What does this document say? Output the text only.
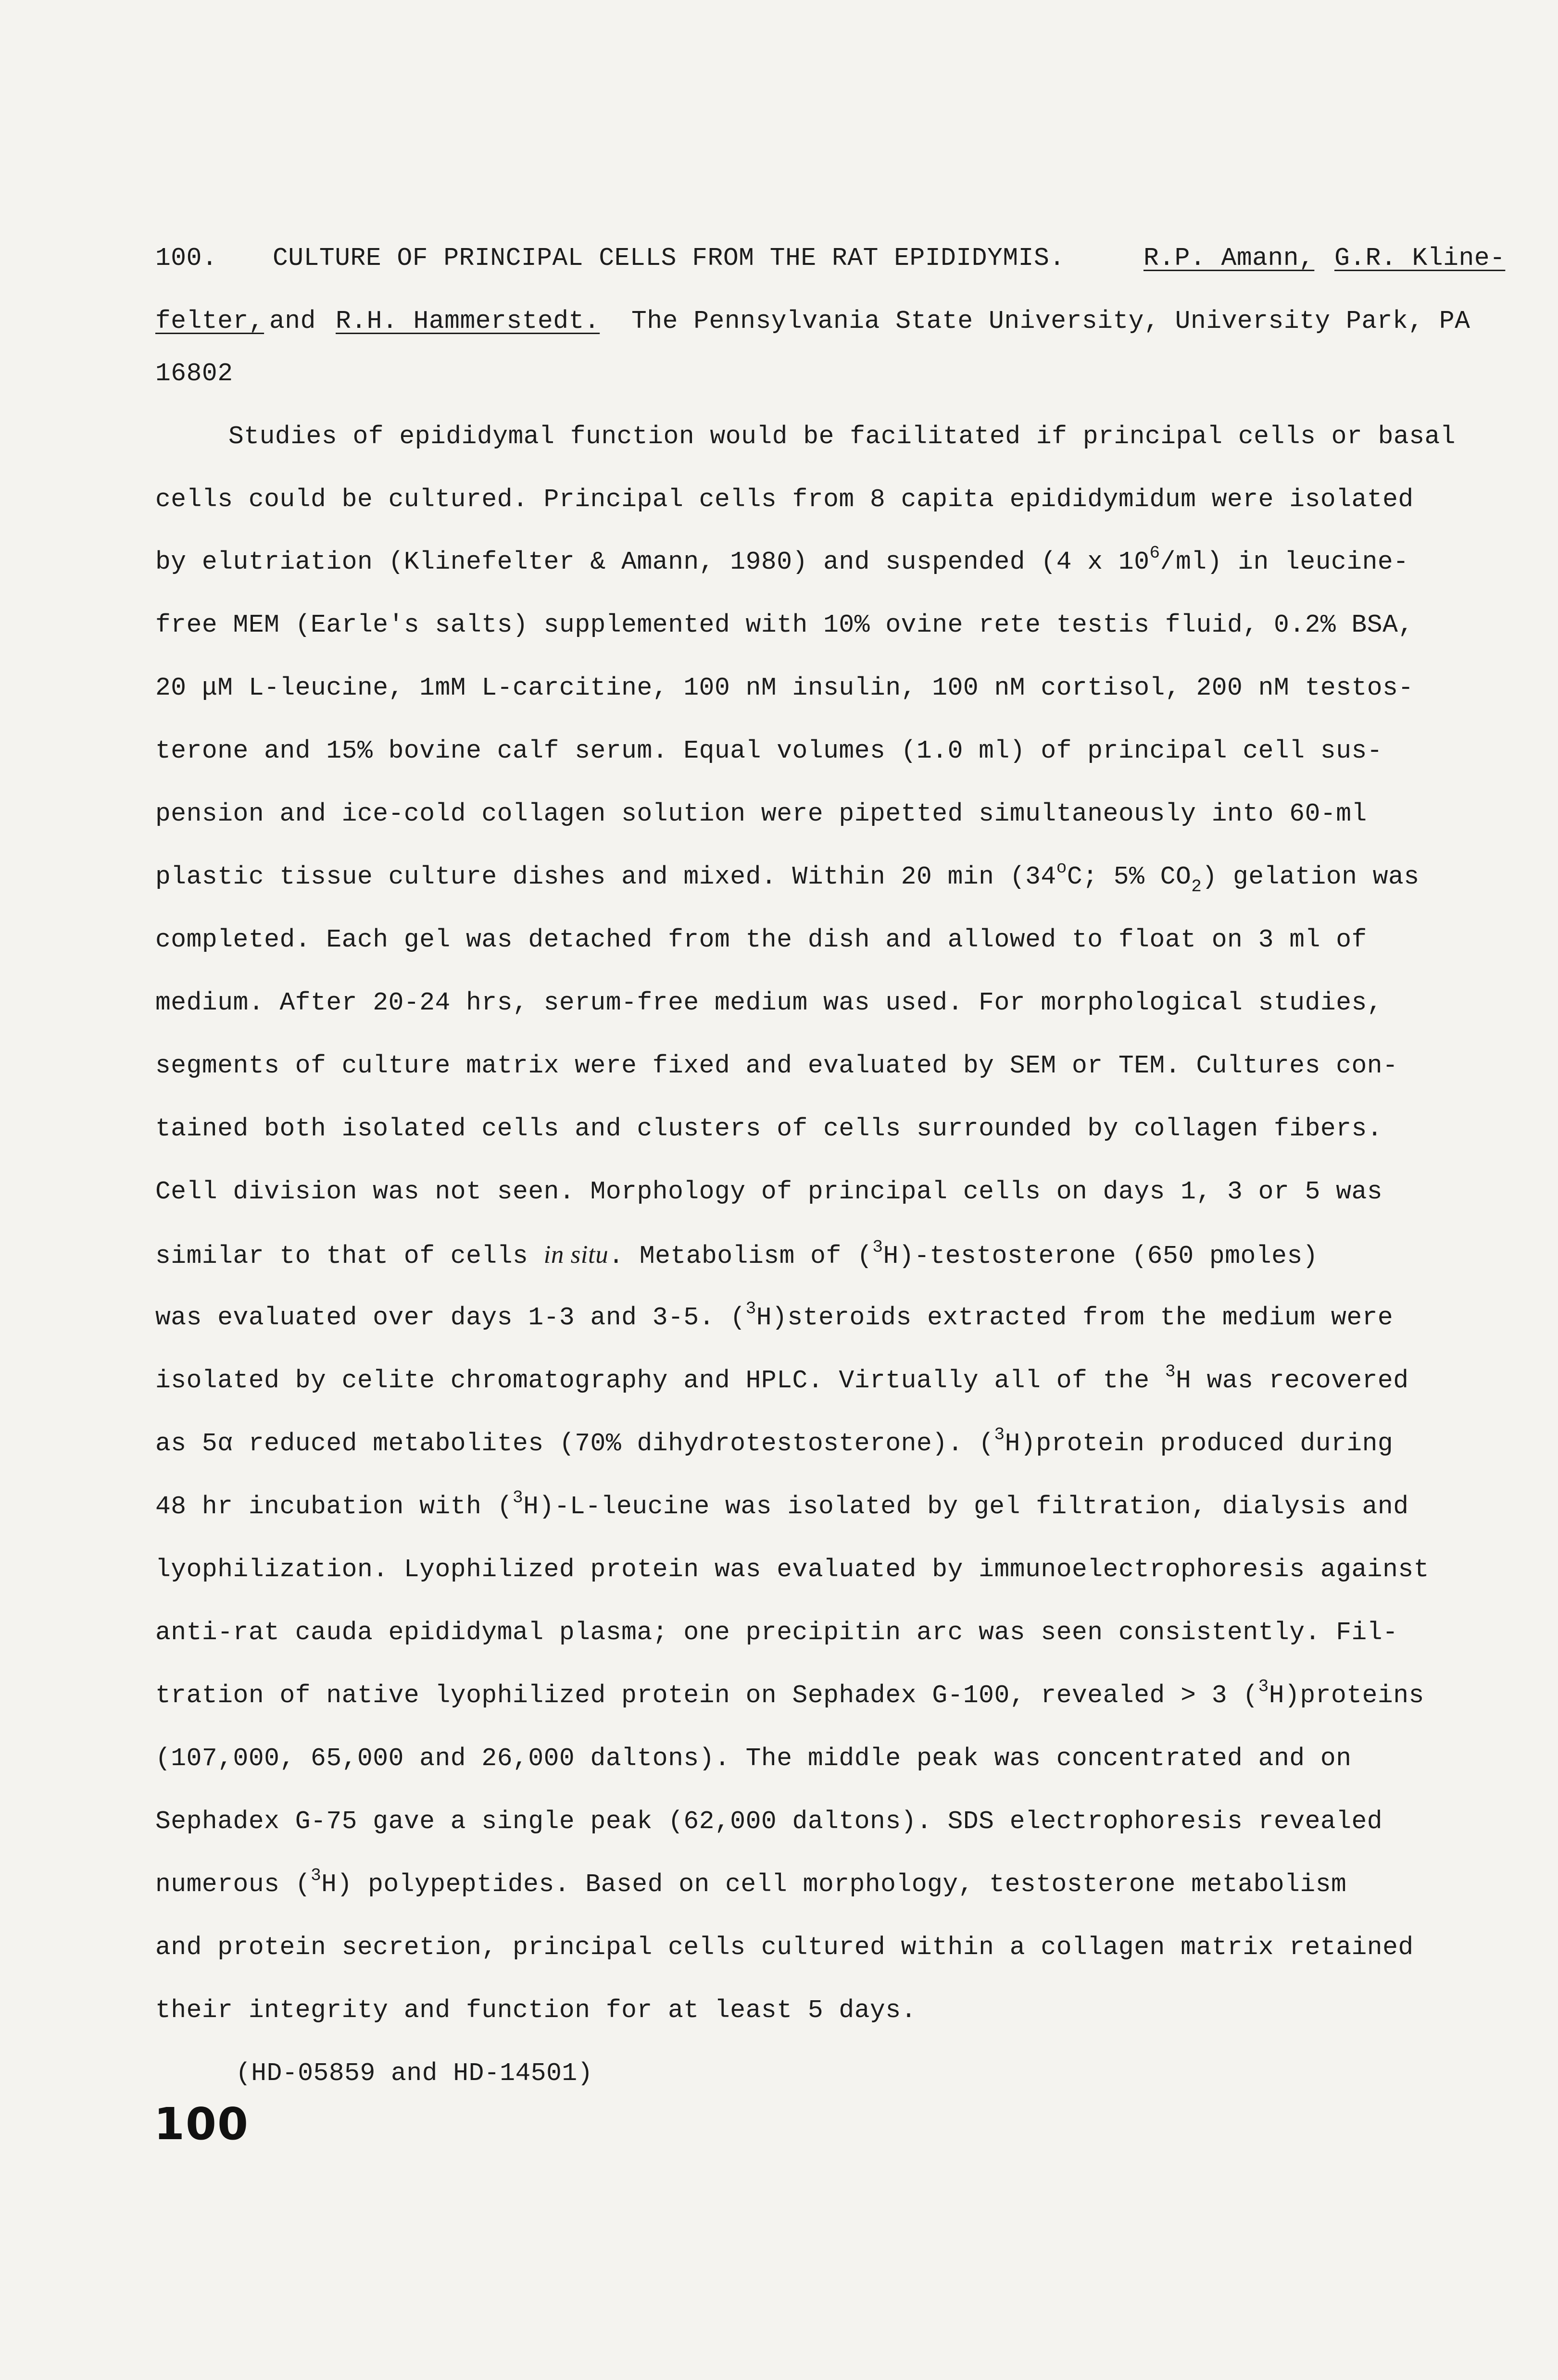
100. CULTURE OF PRINCIPAL CELLS FROM THE RAT EPIDIDYMIS.	R.P. Amann, G.R. Kline-
felter, and R.H. Hammerstedt. The Pennsylvania State University, University Park, PA
16802
Studies of epididymal function would be facilitated if principal cells or basal
cells could be cultured. Principal cells from 8 capita epididymidum were isolated
by elutriation (Klinefelter & Amann, 1980) and suspended (4 x $10^6/ml$) in leucine-
free MEM (Earle's salts) supplemented with 10% ovine rete testis fluid, 0.2% BSA,
20 μM L-leucine, 1mM L-carcitine, 100 nM insulin, 100 nM cortisol, 200 nM testos-
terone and 15% bovine calf serum. Equal volumes (1.0 ml) of principal cell sus-
pension and ice-cold collagen solution were pipetted simultaneously into 60-ml
plastic tissue culture dishes and mixed. Within 20 min (34$^o$C; 5% $CO_2$) gelation was
completed. Each gel was detached from the dish and allowed to float on 3 ml of
medium. After 20-24 hrs, serum-free medium was used. For morphological studies,
segments of culture matrix were fixed and evaluated by SEM or TEM. Cultures con-
tained both isolated cells and clusters of cells surrounded by collagen fibers.
Cell division was not seen. Morphology of principal cells on days 1, 3 or 5 was
similar to that of cells in situ. Metabolism of ($^3$H)-testosterone (650 pmoles)
was evaluated over days 1-3 and 3-5. ($^3$H)steroids extracted from the medium were
isolated by celite chromatography and HPLC. Virtually all of the $^3$H was recovered
as 5α reduced metabolites (70% dihydrotestosterone). ($^3$H)protein produced during
48 hr incubation with ($^3$H)-L-leucine was isolated by gel filtration, dialysis and
lyophilization. Lyophilized protein was evaluated by immunoelectrophoresis against
anti-rat cauda epididymal plasma; one precipitin arc was seen consistently. Fil-
tration of native lyophilized protein on Sephadex G-100, revealed > 3 ($^3$H)proteins
(107,000, 65,000 and 26,000 daltons). The middle peak was concentrated and on
Sephadex G-75 gave a single peak (62,000 daltons). SDS electrophoresis revealed
numerous ($^3$H) polypeptides. Based on cell morphology, testosterone metabolism
and protein secretion, principal cells cultured within a collagen matrix retained
their integrity and function for at least 5 days.
(HD-05859 and HD-14501)
100
